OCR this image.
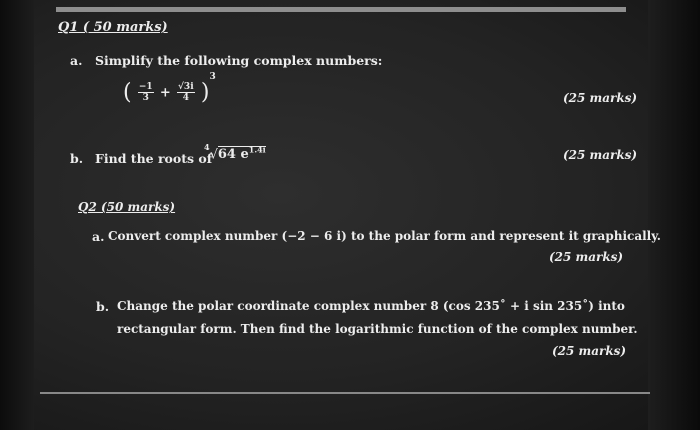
Q1 ( 50 marks)
a. Simplify the following complex numbers:
( $\frac{-1}{3} + \frac{√3i}{4} )^3$
(25 marks)
b. Find the roots of
$^4$√64 $e^{1.4i}$	(25 marks)
Q2 (50 marks)
a. Convert complex number (−2 − 6 i) to the polar form and represent it graphically.
(25 marks)
b. Change the polar coordinate complex number 8 (cos 235˚ + i sin 235˚) into
rectangular form. Then find the logarithmic function of the complex number.
(25 marks)
